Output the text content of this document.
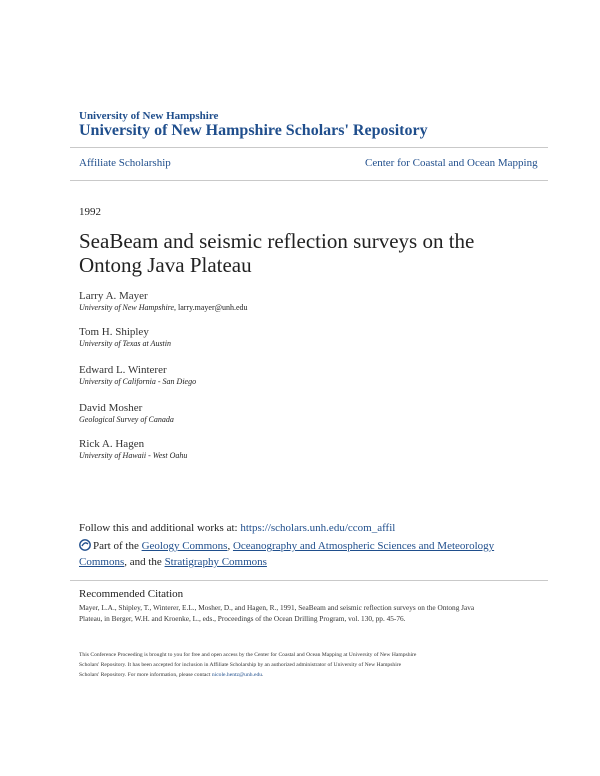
University of New Hampshire
University of New Hampshire Scholars' Repository
Affiliate Scholarship	Center for Coastal and Ocean Mapping
1992
SeaBeam and seismic reflection surveys on the
Ontong Java Plateau
Larry A. Mayer
University of New Hampshire, larry.mayer@unh.edu
Tom H. Shipley
University of Texas at Austin
Edward L. Winterer
University of California - San Diego
David Mosher
Geological Survey of Canada
Rick A. Hagen
University of Hawaii - West Oahu
Follow this and additional works at: https://scholars.unh.edu/ccom_affil
Part of the Geology Commons, Oceanography and Atmospheric Sciences and Meteorology
Commons, and the Stratigraphy Commons
Recommended Citation
Mayer, L.A., Shipley, T., Winterer, E.L., Mosher, D., and Hagen, R., 1991, SeaBeam and seismic reflection surveys on the Ontong Java
Plateau, in Berger, W.H. and Kroenke, L., eds., Proceedings of the Ocean Drilling Program, vol. 130, pp. 45-76.
This Conference Proceeding is brought to you for free and open access by the Center for Coastal and Ocean Mapping at University of New Hampshire
Scholars' Repository. It has been accepted for inclusion in Affiliate Scholarship by an authorized administrator of University of New Hampshire
Scholars' Repository. For more information, please contact nicole.hentz@unh.edu.
